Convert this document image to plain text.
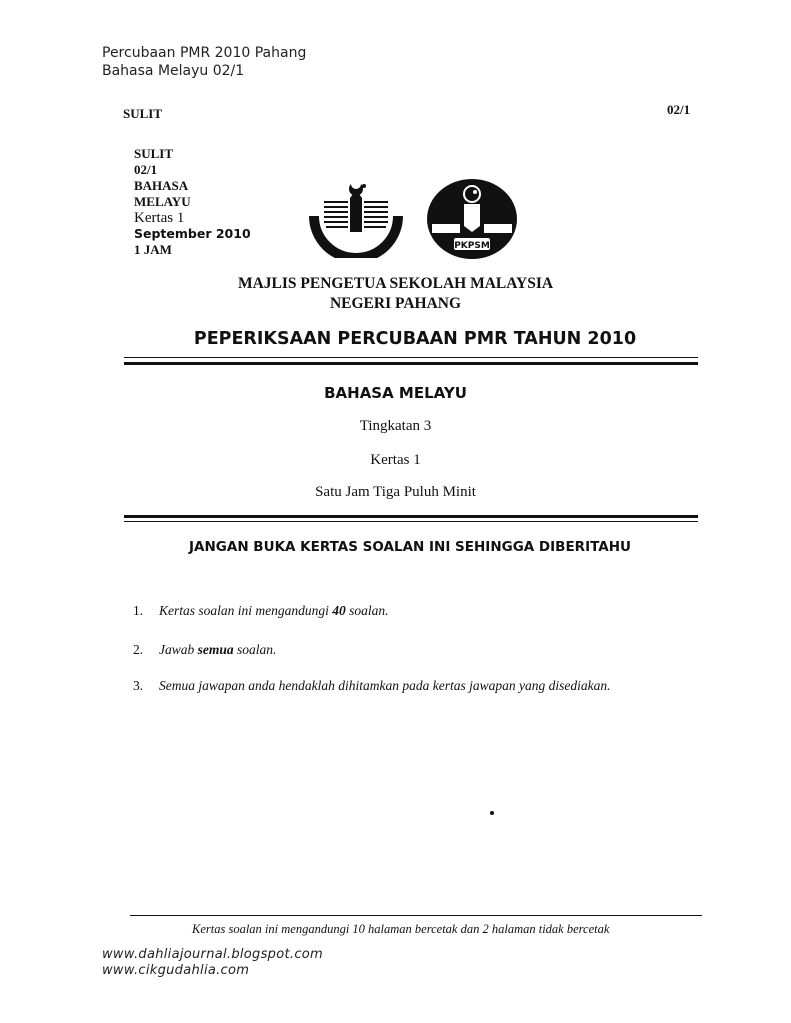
Percubaan PMR 2010 Pahang
Bahasa Melayu 02/1
SULIT	02/1
SULIT
02/1
BAHASA
MELAYU
Kertas 1
September 2010
1 JAM	PKPSM
MAJLIS PENGETUA SEKOLAH MALAYSIA
NEGERI PAHANG
PEPERIKSAAN PERCUBAAN PMR TAHUN 2010
BAHASA MELAYU
Tingkatan 3
Kertas 1
Satu Jam Tiga Puluh Minit
JANGAN BUKA KERTAS SOALAN INI SEHINGGA DIBERITAHU
1. Kertas soalan ini mengandungi 40 soalan.
2. Jawab semua soalan.
3. Semua jawapan anda hendaklah dihitamkan pada kertas jawapan yang disediakan.
Kertas soalan ini mengandungi 10 halaman bercetak dan 2 halaman tidak bercetak
www.dahliajournal.blogspot.com
www.cikgudahlia.com
